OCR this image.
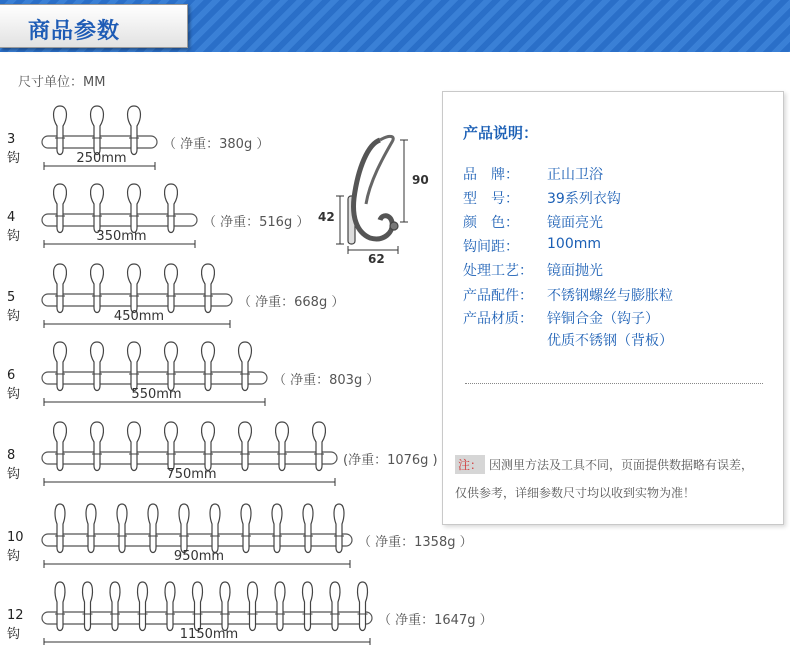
商品参数
尺寸单位：MM
3钩
（ 净重：380g ）
250mm
4钩
（ 净重：516g ）
350mm
5钩
（ 净重：668g ）
450mm
6钩
（ 净重：803g ）
550mm
8钩
(净重：1076g )
750mm
10钩
（ 净重：1358g ）
950mm
12钩
（ 净重：1647g ）
1150mm
90
42
62
产品说明：
品　牌： 正山卫浴
型　号： 39系列衣钩
颜　色： 镜面亮光
钩间距： 100mm
处理工艺： 镜面抛光
产品配件： 不锈钢螺丝与膨胀粒
产品材质： 锌铜合金（钩子）
优质不锈钢（背板）
注： 因测里方法及工具不同，页面提供数据略有误差，
仅供参考，详细参数尺寸均以收到实物为准！
